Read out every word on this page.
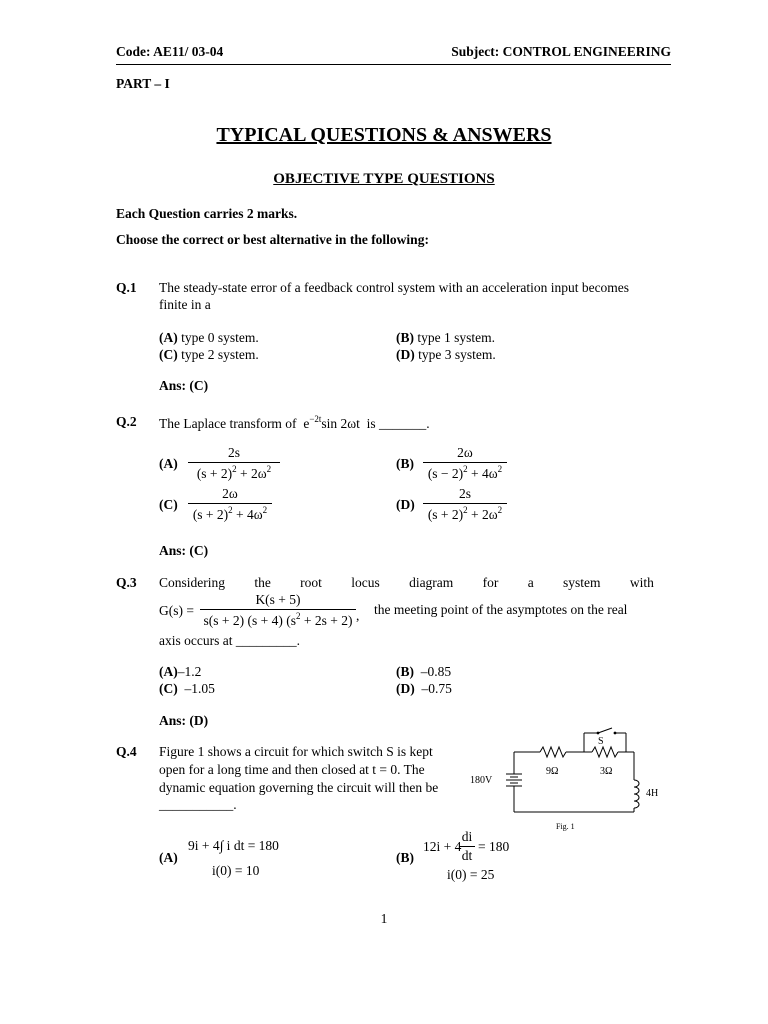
Code: AE11/ 03-04	Subject: CONTROL ENGINEERING
PART – I
TYPICAL QUESTIONS & ANSWERS
OBJECTIVE TYPE QUESTIONS
Each Question carries 2 marks.
Choose the correct or best alternative in the following:
Q.1 The steady-state error of a feedback control system with an acceleration input becomes
finite in a
(A) type 0 system.	(B) type 1 system.
(C) type 2 system.	(D) type 3 system.
Ans: (C)
Q.2 The Laplace transform of $e^{-2t}\sin$ 2ωt is _______.
(A)
2s
$(s + 2)^2 + 2\omega^2$	(B)
2ω
$(s - 2)^2 + 4\omega^2$
(C)
2ω
$(s + 2)^2 + 4\omega^2$	(D)
2s
$(s + 2)^2 + 2\omega^2$
Ans: (C)
Q.3 Considering the root locus diagram for a system with
G(s) =
K(s + 5)
s(s + 2) (s + 4) $(s^2 + 2s + 2)$ , the meeting point of the asymptotes on the real
axis occurs at _________.
(A)–1.2	(B) –0.85
(C) –1.05	(D) –0.75
Ans: (D)
Q.4 Figure 1 shows a circuit for which switch S is kept
open for a long time and then closed at t = 0. The
dynamic equation governing the circuit will then be
___________.
180V
9Ω	3Ω
4H
S
Fig. 1
9i + 4∫ i dt = 180
(A)
i(0) = 10
(B)
12i + 4
di
dt
= 180
i(0) = 25
1
